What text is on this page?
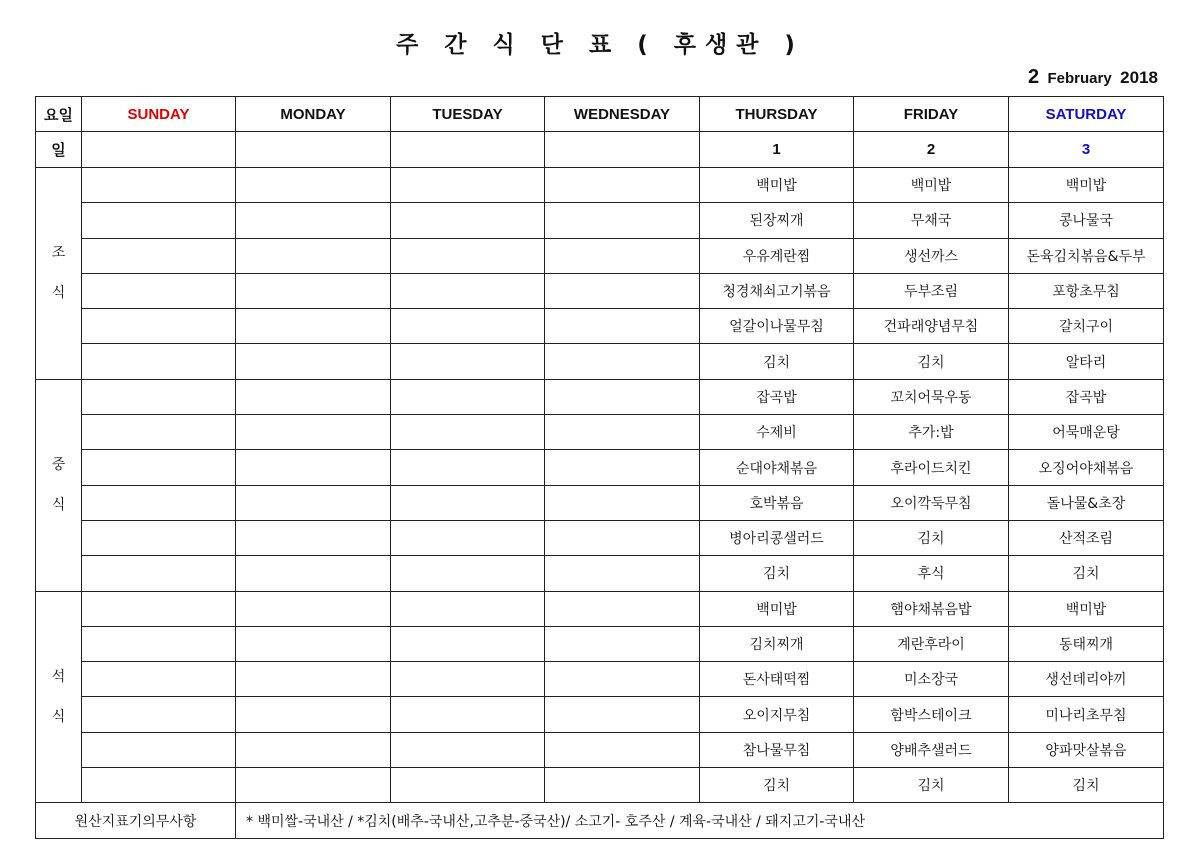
주 간 식 단 표 ( 후생관 )
2 February 2018
요일	SUNDAY	MONDAY	TUESDAY	WEDNESDAY	THURSDAY	FRIDAY	SATURDAY
일					1	2	3

조
식					백미밥	백미밥	백미밥
					된장찌개	무채국	콩나물국
					우유계란찜	생선까스	돈육김치볶음&두부
					청경채쇠고기볶음	두부조림	포항초무침
					얼갈이나물무침	건파래양념무침	갈치구이
					김치	김치	알타리

중
식					잡곡밥	꼬치어묵우동	잡곡밥
					수제비	추가:밥	어묵매운탕
					순대야채볶음	후라이드치킨	오징어야채볶음
					호박볶음	오이깍둑무침	돌나물&초장
					병아리콩샐러드	김치	산적조림
					김치	후식	김치

석
식					백미밥	햄야채볶음밥	백미밥
					김치찌개	계란후라이	동태찌개
					돈사태떡찜	미소장국	생선데리야끼
					오이지무침	함박스테이크	미나리초무침
					참나물무침	양배추샐러드	양파맛살볶음
					김치	김치	김치
원산지표기의무사항		* 백미쌀-국내산 / *김치(배추-국내산,고추분-중국산)/ 소고기- 호주산 / 계육-국내산 / 돼지고기-국내산					
